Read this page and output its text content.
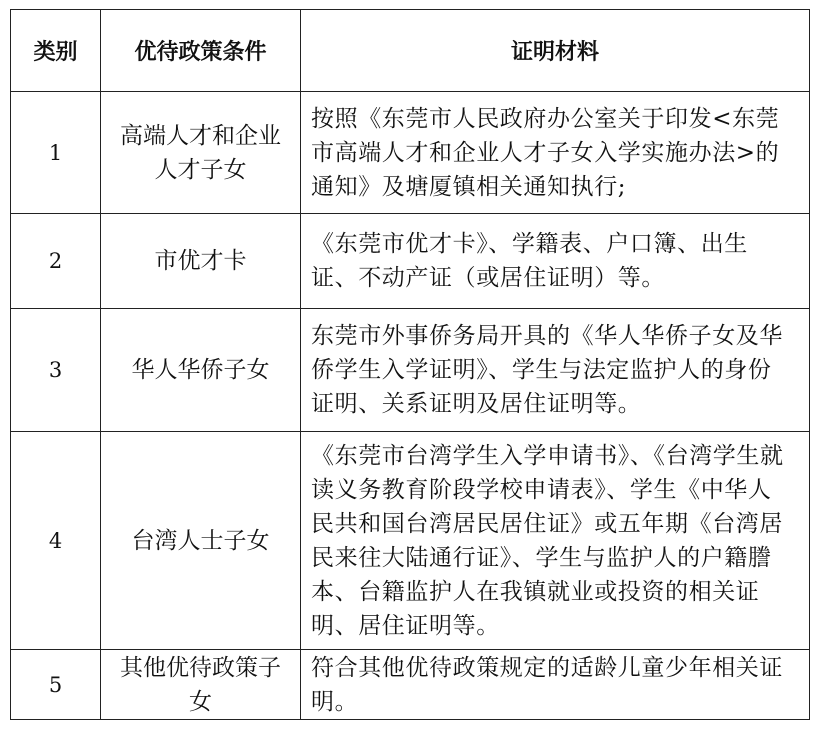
类别	优待政策条件	证明材料
1	高端人才和企业人才子女	按照《东莞市人民政府办公室关于印发<东莞市高端人才和企业人才子女入学实施办法>的通知》及塘厦镇相关通知执行;
2	市优才卡	《东莞市优才卡》、学籍表、户口簿、出生证、不动产证（或居住证明）等。
3	华人华侨子女	东莞市外事侨务局开具的《华人华侨子女及华侨学生入学证明》、学生与法定监护人的身份证明、关系证明及居住证明等。
4	台湾人士子女	《东莞市台湾学生入学申请书》、《台湾学生就读义务教育阶段学校申请表》、学生《中华人民共和国台湾居民居住证》或五年期《台湾居民来往大陆通行证》、学生与监护人的户籍謄本、台籍监护人在我镇就业或投资的相关证明、居住证明等。
5	其他优待政策子女	符合其他优待政策规定的适龄儿童少年相关证明。
